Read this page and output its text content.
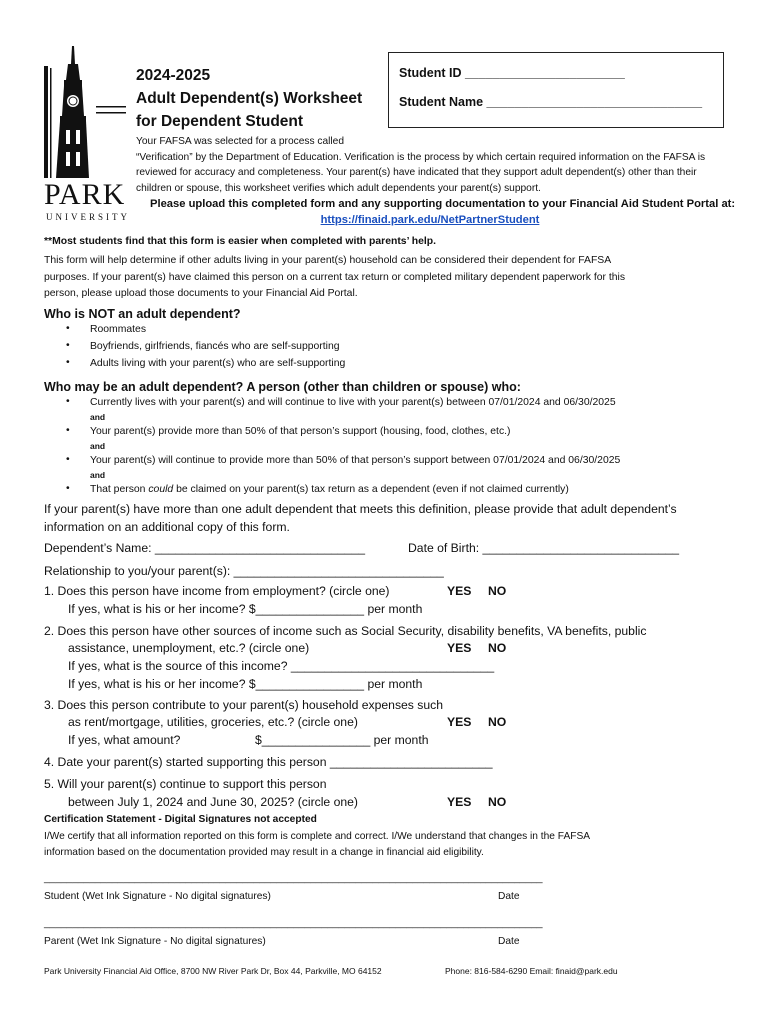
PARK
UNIVERSITY
2024-2025
Adult Dependent(s) Worksheet
for Dependent Student
Student ID _______________________
Student Name _______________________________
Your FAFSA was selected for a process called
“Verification” by the Department of Education. Verification is the process by which certain required information on the FAFSA is
reviewed for accuracy and completeness. Your parent(s) have indicated that they support adult dependent(s) other than their
children or spouse, this worksheet verifies which adult dependents your parent(s) support.
Please upload this completed form and any supporting documentation to your Financial Aid Student Portal at:
https://finaid.park.edu/NetPartnerStudent
**Most students find that this form is easier when completed with parents’ help.
This form will help determine if other adults living in your parent(s) household can be considered their dependent for FAFSA
purposes. If your parent(s) have claimed this person on a current tax return or completed military dependent paperwork for this
person, please upload those documents to your Financial Aid Portal.
Who is NOT an adult dependent?
• Roommates
• Boyfriends, girlfriends, fiancés who are self-supporting
• Adults living with your parent(s) who are self-supporting
Who may be an adult dependent? A person (other than children or spouse) who:
• Currently lives with your parent(s) and will continue to live with your parent(s) between 07/01/2024 and 06/30/2025
and
• Your parent(s) provide more than 50% of that person’s support (housing, food, clothes, etc.)
and
• Your parent(s) will continue to provide more than 50% of that person’s support between 07/01/2024 and 06/30/2025
and
• That person could be claimed on your parent(s) tax return as a dependent (even if not claimed currently)
If your parent(s) have more than one adult dependent that meets this definition, please provide that adult dependent’s
information on an additional copy of this form.
Dependent’s Name: _______________________________	Date of Birth: _____________________________
Relationship to you/your parent(s): _______________________________
1. Does this person have income from employment? (circle one)	YES NO
If yes, what is his or her income? $________________ per month
2. Does this person have other sources of income such as Social Security, disability benefits, VA benefits, public
assistance, unemployment, etc.? (circle one)	YES NO
If yes, what is the source of this income? ______________________________
If yes, what is his or her income? $________________ per month
3. Does this person contribute to your parent(s) household expenses such
as rent/mortgage, utilities, groceries, etc.? (circle one)	YES NO
If yes, what amount?	$________________ per month
4. Date your parent(s) started supporting this person ________________________
5. Will your parent(s) continue to support this person
between July 1, 2024 and June 30, 2025? (circle one)	YES NO
Certification Statement - Digital Signatures not accepted
I/We certify that all information reported on this form is complete and correct. I/We understand that changes in the FAFSA
information based on the documentation provided may result in a change in financial aid eligibility.
________________________________________________________________________________________
Student (Wet Ink Signature - No digital signatures)	Date
________________________________________________________________________________________
Parent (Wet Ink Signature - No digital signatures)	Date
Park University Financial Aid Office, 8700 NW River Park Dr, Box 44, Parkville, MO 64152	Phone: 816-584-6290 Email: finaid@park.edu
